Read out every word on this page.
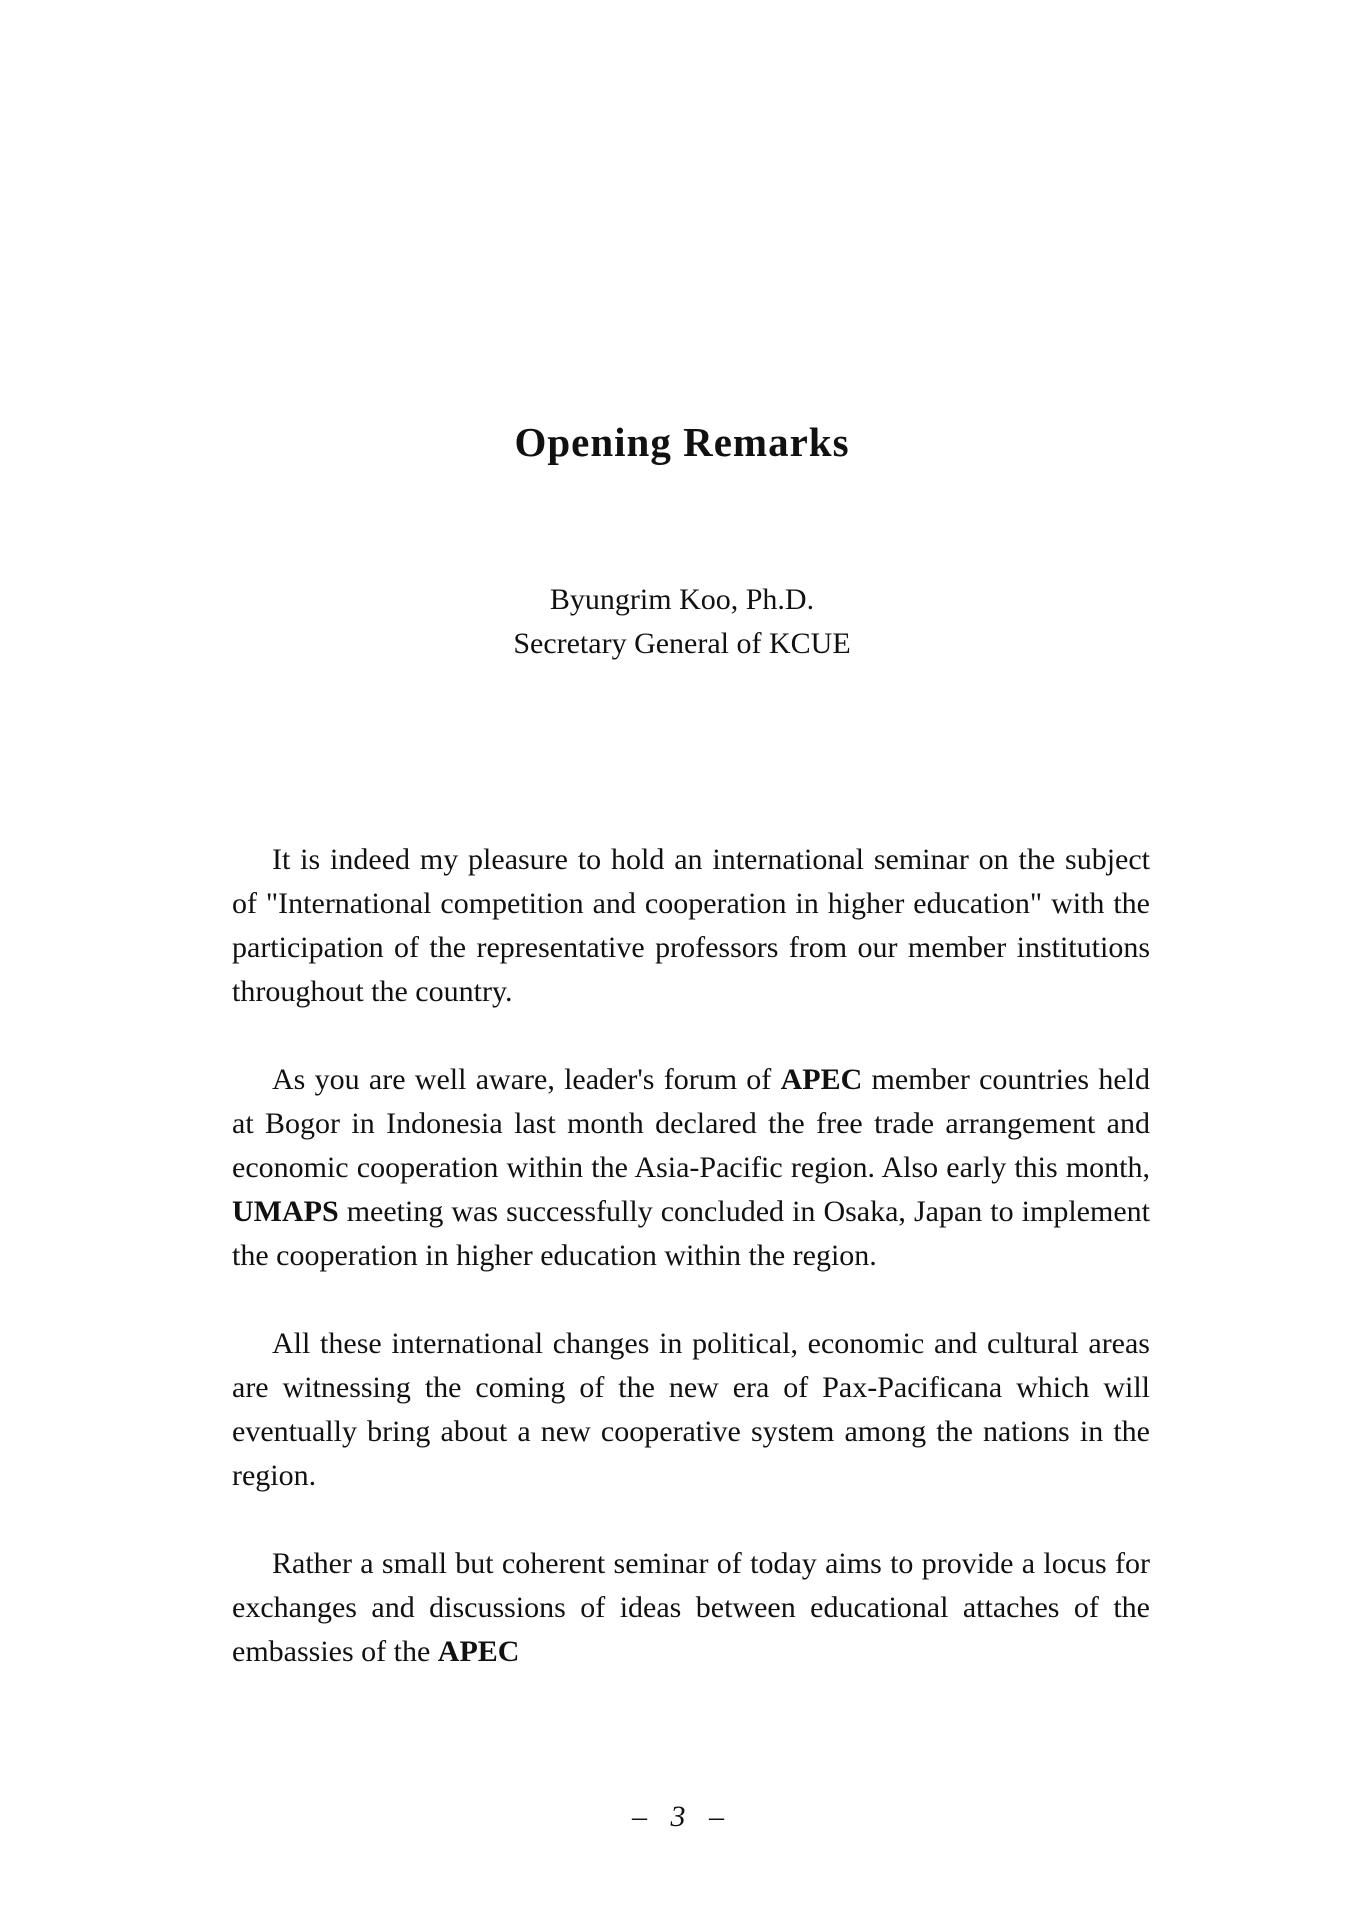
Opening Remarks
Byungrim Koo, Ph.D.
Secretary General of KCUE

It is indeed my pleasure to hold an international seminar on the subject of "International competition and cooperation in higher education" with the participation of the representative professors from our member institutions throughout the country.

As you are well aware, leader's forum of APEC member countries held at Bogor in Indonesia last month declared the free trade arrangement and economic cooperation within the Asia-Pacific region. Also early this month, UMAPS meeting was successfully concluded in Osaka, Japan to implement the cooperation in higher education within the region.

All these international changes in political, economic and cultural areas are witnessing the coming of the new era of Pax-Pacificana which will eventually bring about a new cooperative system among the nations in the region.

Rather a small but coherent seminar of today aims to provide a locus for exchanges and discussions of ideas between educational attaches of the embassies of the APEC

– 3 –
